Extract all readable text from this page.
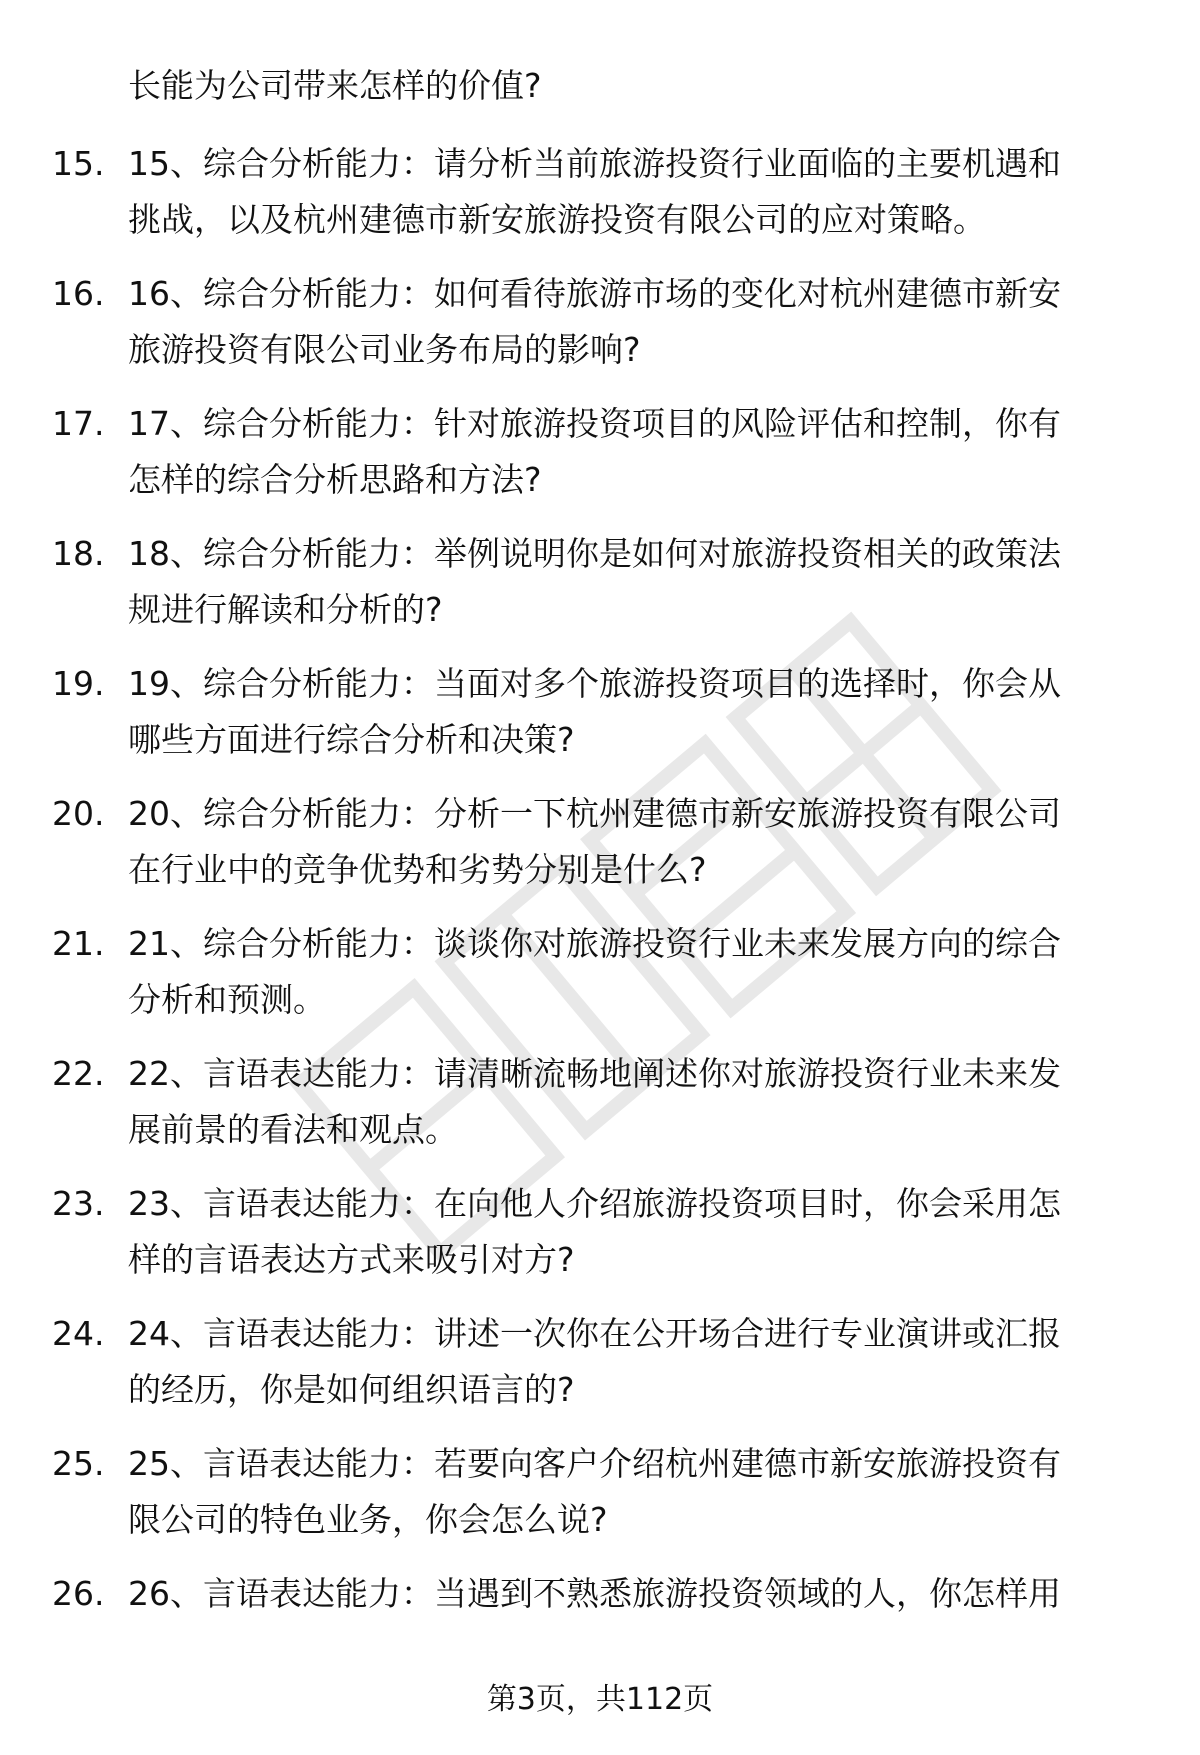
长能为公司带来怎样的价值?
15. 15、综合分析能力：请分析当前旅游投资行业面临的主要机遇和
挑战，以及杭州建德市新安旅游投资有限公司的应对策略。
16. 16、综合分析能力：如何看待旅游市场的变化对杭州建德市新安
旅游投资有限公司业务布局的影响?
17. 17、综合分析能力：针对旅游投资项目的风险评估和控制，你有
怎样的综合分析思路和方法?
18. 18、综合分析能力：举例说明你是如何对旅游投资相关的政策法
规进行解读和分析的?
19. 19、综合分析能力：当面对多个旅游投资项目的选择时，你会从
哪些方面进行综合分析和决策?
20. 20、综合分析能力：分析一下杭州建德市新安旅游投资有限公司
在行业中的竞争优势和劣势分别是什么?
21. 21、综合分析能力：谈谈你对旅游投资行业未来发展方向的综合
分析和预测。
22. 22、言语表达能力：请清晰流畅地阐述你对旅游投资行业未来发
展前景的看法和观点。
23. 23、言语表达能力：在向他人介绍旅游投资项目时，你会采用怎
样的言语表达方式来吸引对方?
24. 24、言语表达能力：讲述一次你在公开场合进行专业演讲或汇报
的经历，你是如何组织语言的?
25. 25、言语表达能力：若要向客户介绍杭州建德市新安旅游投资有
限公司的特色业务，你会怎么说?
26. 26、言语表达能力：当遇到不熟悉旅游投资领域的人，你怎样用
第3页，共112页
